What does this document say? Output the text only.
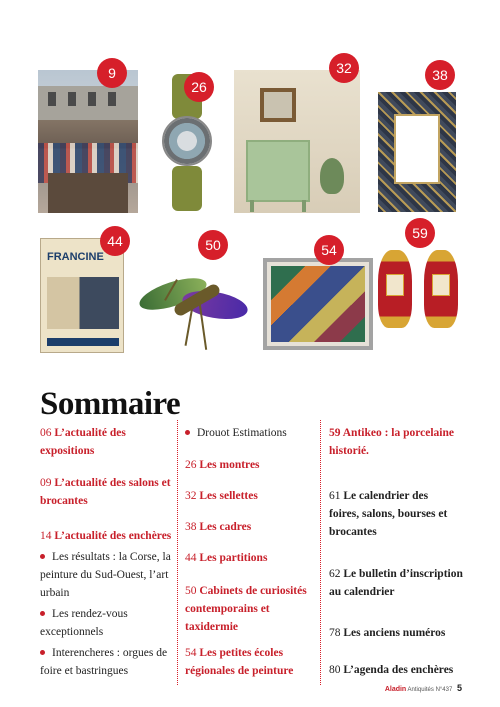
9
26
32	38
FRANCINE
44	50	54
59
Sommaire
06 L’actualité des
expositions
09 L’actualité des salons et
brocantes
14 L’actualité des enchères
Les résultats : la Corse, la
peinture du Sud-Ouest, l’art
urbain
Les rendez-vous
exceptionnels
Interencheres : orgues de
foire et bastringues
Drouot Estimations
26 Les montres
32 Les sellettes
38 Les cadres
44 Les partitions
50 Cabinets de curiosités
contemporains et
taxidermie
54 Les petites écoles
régionales de peinture
59 Antikeo : la porcelaine
historié.
61 Le calendrier des
foires, salons, bourses et
brocantes
62 Le bulletin d’inscription
au calendrier
78 Les anciens numéros
80 L’agenda des enchères
Aladin Antiquités N°437 5
